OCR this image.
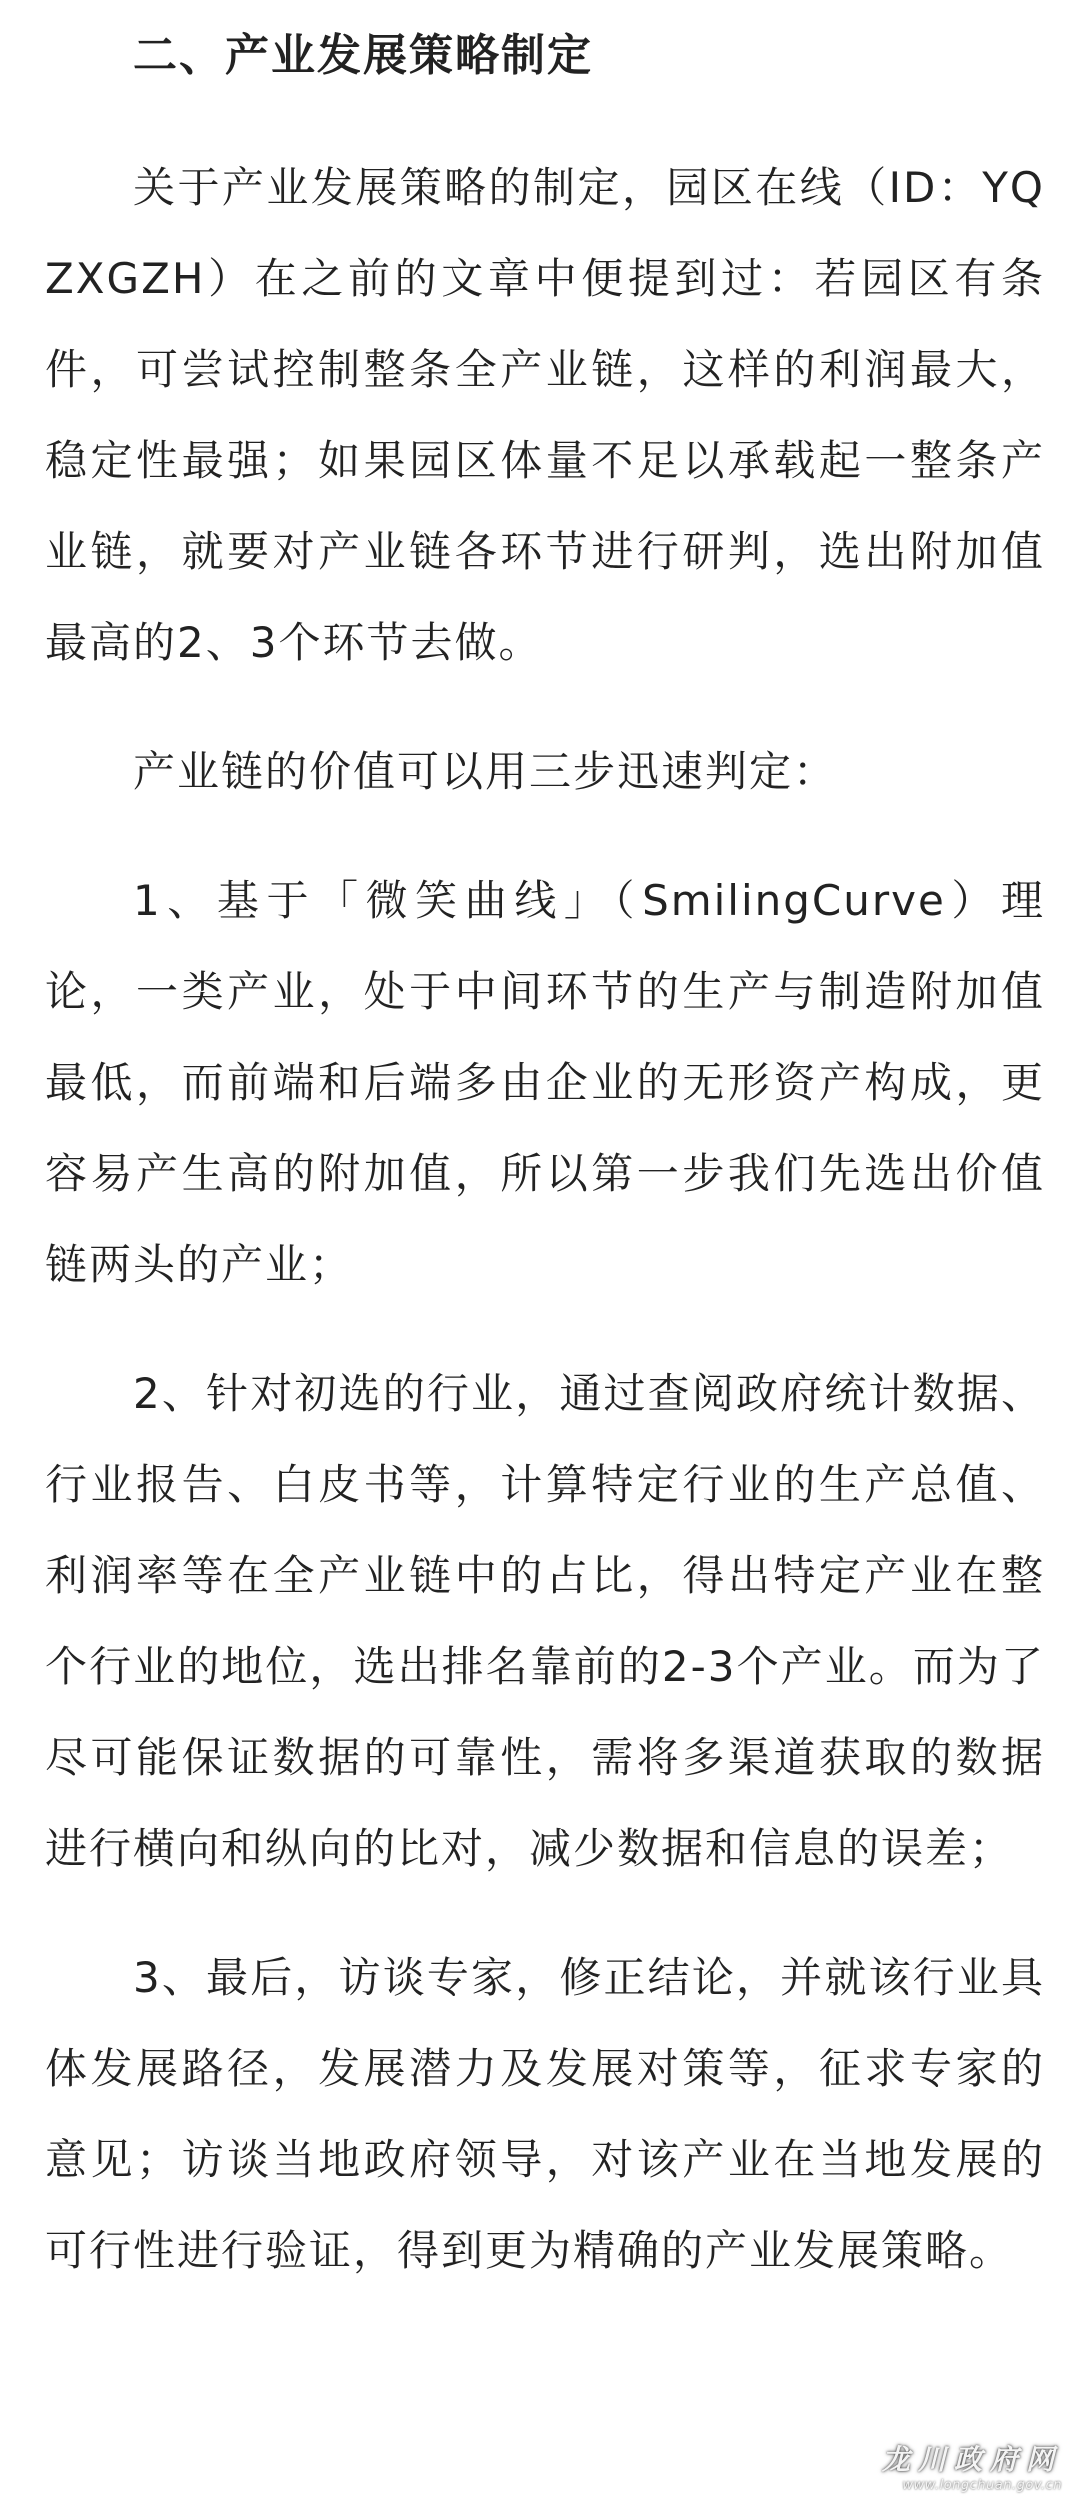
二、产业发展策略制定

关于产业发展策略的制定，园区在线（ID：YQZXGZH）在之前的文章中便提到过：若园区有条件，可尝试控制整条全产业链，这样的利润最大，稳定性最强；如果园区体量不足以承载起一整条产业链，就要对产业链各环节进行研判，选出附加值最高的2、3个环节去做。

产业链的价值可以用三步迅速判定：

1、基于「微笑曲线」（SmilingCurve）理论，一类产业，处于中间环节的生产与制造附加值最低，而前端和后端多由企业的无形资产构成，更容易产生高的附加值，所以第一步我们先选出价值链两头的产业；

2、针对初选的行业，通过查阅政府统计数据、行业报告、白皮书等，计算特定行业的生产总值、利润率等在全产业链中的占比，得出特定产业在整个行业的地位，选出排名靠前的2-3个产业。而为了尽可能保证数据的可靠性，需将多渠道获取的数据进行横向和纵向的比对，减少数据和信息的误差；

3、最后，访谈专家，修正结论，并就该行业具体发展路径，发展潜力及发展对策等，征求专家的意见；访谈当地政府领导，对该产业在当地发展的可行性进行验证，得到更为精确的产业发展策略。

龙川政府网
www.longchuan.gov.cn
